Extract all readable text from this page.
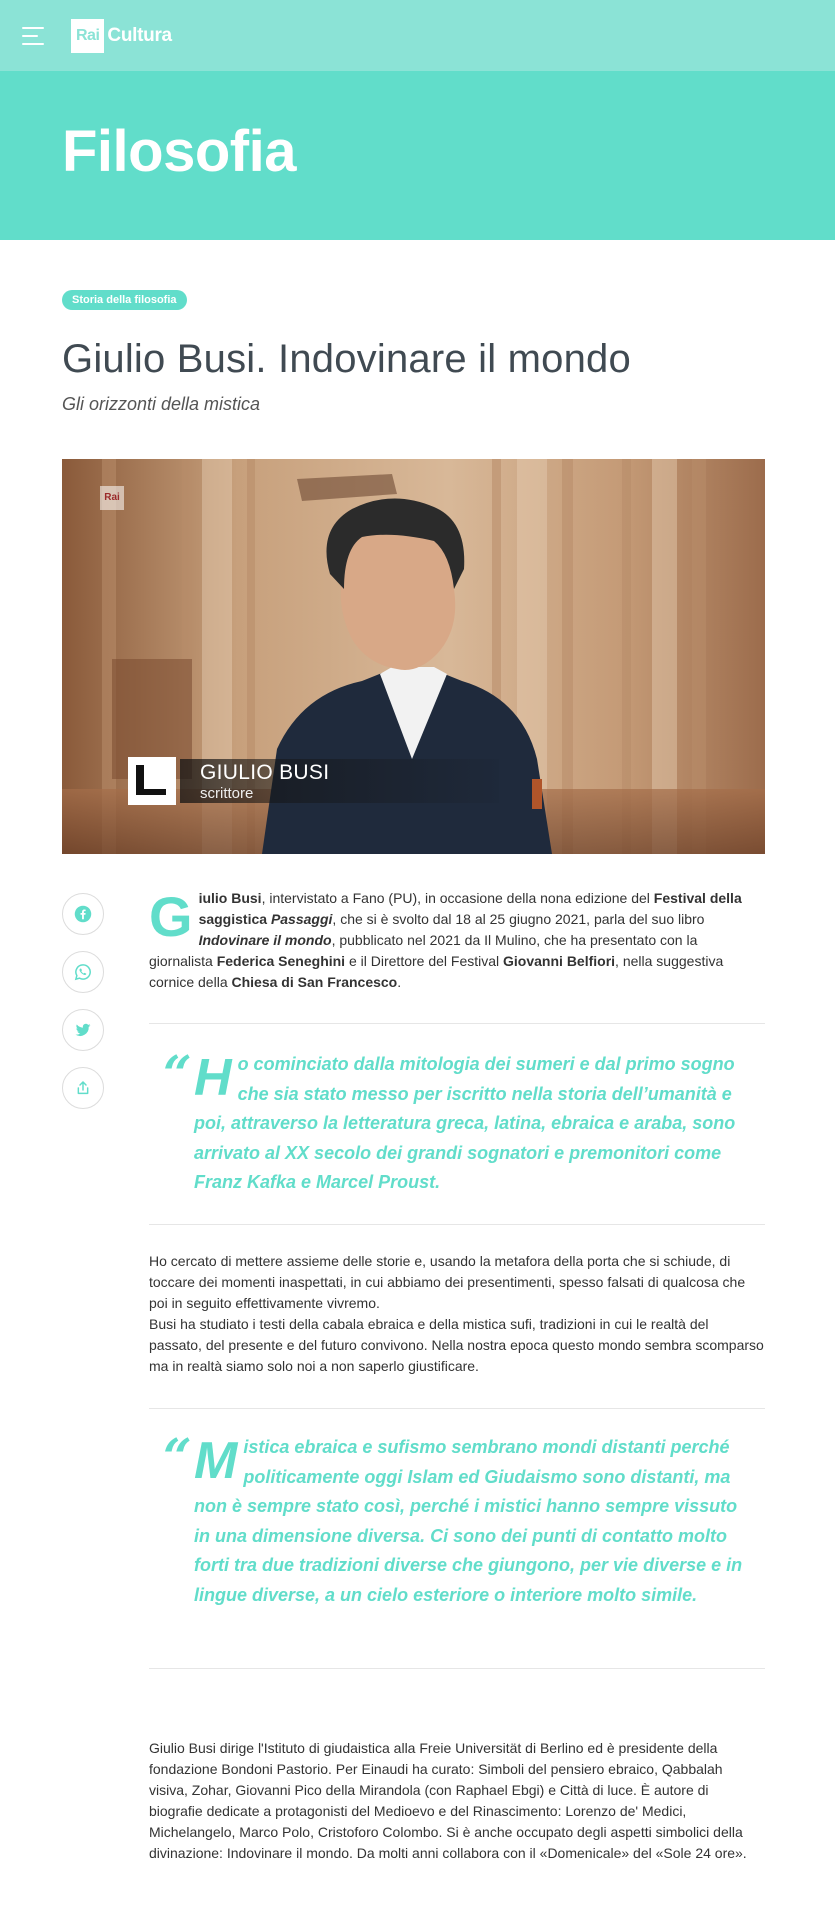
Rai Cultura
Filosofia
Storia della filosofia
Giulio Busi. Indovinare il mondo
Gli orizzonti della mistica
Rai
GIULIO BUSI
scrittore
Giulio Busi, intervistato a Fano (PU), in occasione della nona edizione del Festival della saggistica Passaggi, che si è svolto dal 18 al 25 giugno 2021, parla del suo libro Indovinare il mondo, pubblicato nel 2021 da Il Mulino, che ha presentato con la giornalista Federica Seneghini e il Direttore del Festival Giovanni Belfiori, nella suggestiva cornice della Chiesa di San Francesco.
“ Ho cominciato dalla mitologia dei sumeri e dal primo sogno che sia stato messo per iscritto nella storia dell’umanità e poi, attraverso la letteratura greca, latina, ebraica e araba, sono arrivato al XX secolo dei grandi sognatori e premonitori come Franz Kafka e Marcel Proust.

Ho cercato di mettere assieme delle storie e, usando la metafora della porta che si schiude, di toccare dei momenti inaspettati, in cui abbiamo dei presentimenti, spesso falsati di qualcosa che poi in seguito effettivamente vivremo.

Busi ha studiato i testi della cabala ebraica e della mistica sufi, tradizioni in cui le realtà del passato, del presente e del futuro convivono. Nella nostra epoca questo mondo sembra scomparso ma in realtà siamo solo noi a non saperlo giustificare.

“ Mistica ebraica e sufismo sembrano mondi distanti perché politicamente oggi Islam ed Giudaismo sono distanti, ma non è sempre stato così, perché i mistici hanno sempre vissuto in una dimensione diversa. Ci sono dei punti di contatto molto forti tra due tradizioni diverse che giungono, per vie diverse e in lingue diverse, a un cielo esteriore o interiore molto simile.
Giulio Busi dirige l'Istituto di giudaistica alla Freie Universität di Berlino ed è presidente della fondazione Bondoni Pastorio. Per Einaudi ha curato: Simboli del pensiero ebraico, Qabbalah visiva, Zohar, Giovanni Pico della Mirandola (con Raphael Ebgi) e Città di luce. È autore di biografie dedicate a protagonisti del Medioevo e del Rinascimento: Lorenzo de' Medici, Michelangelo, Marco Polo, Cristoforo Colombo. Si è anche occupato degli aspetti simbolici della divinazione: Indovinare il mondo. Da molti anni collabora con il «Domenicale» del «Sole 24 ore».
